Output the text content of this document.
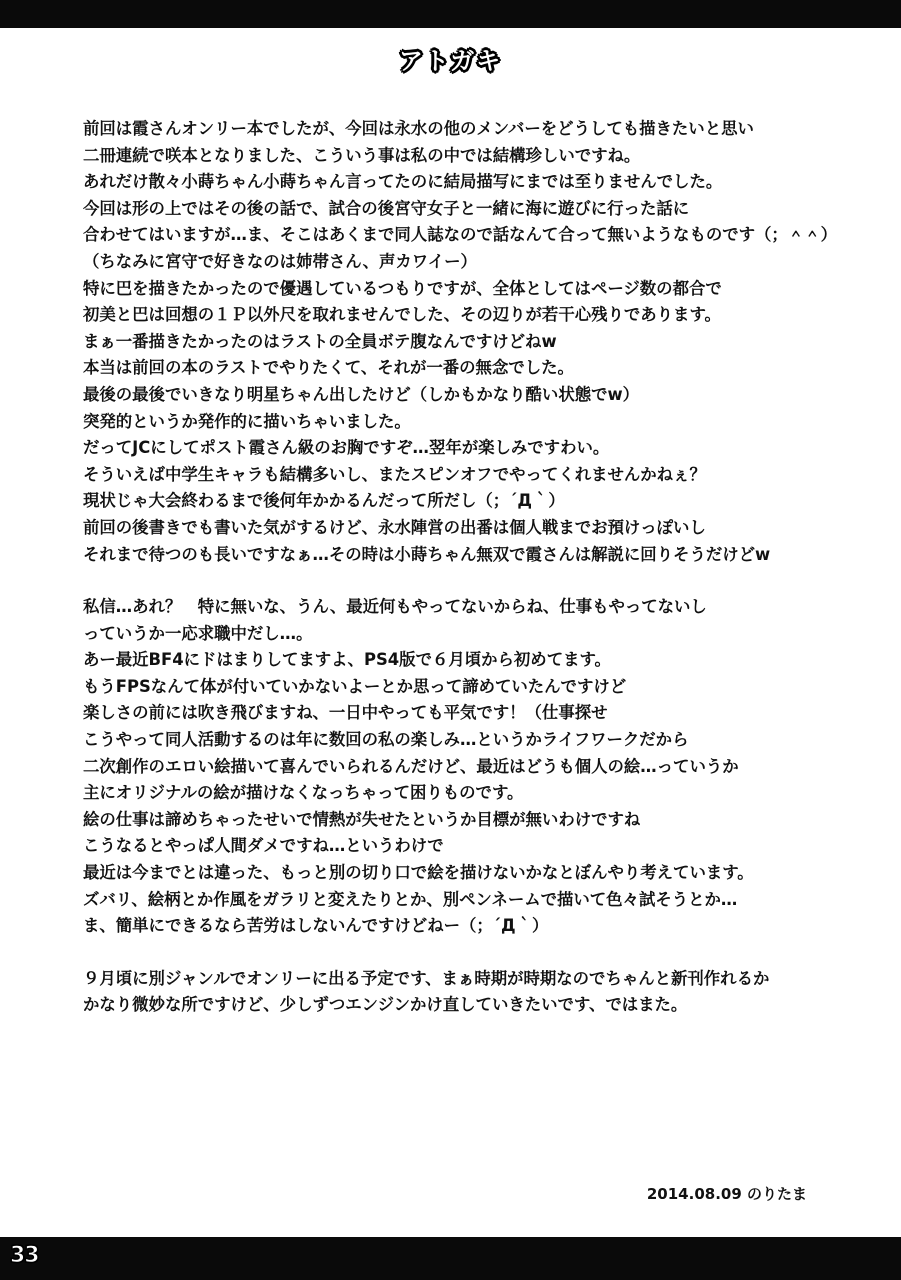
アトガキ
前回は霞さんオンリー本でしたが、今回は永水の他のメンバーをどうしても描きたいと思い
二冊連続で咲本となりました、こういう事は私の中では結構珍しいですね。
あれだけ散々小蒔ちゃん小蒔ちゃん言ってたのに結局描写にまでは至りませんでした。
今回は形の上ではその後の話で、試合の後宮守女子と一緒に海に遊びに行った話に
合わせてはいますが…ま、そこはあくまで同人誌なので話なんて合って無いようなものです（；＾＾）
（ちなみに宮守で好きなのは姉帯さん、声カワイー）
特に巴を描きたかったので優遇しているつもりですが、全体としてはページ数の都合で
初美と巴は回想の１Ｐ以外尺を取れませんでした、その辺りが若干心残りであります。
まぁ一番描きたかったのはラストの全員ボテ腹なんですけどねw
本当は前回の本のラストでやりたくて、それが一番の無念でした。
最後の最後でいきなり明星ちゃん出したけど（しかもかなり酷い状態でw）
突発的というか発作的に描いちゃいました。
だってJCにしてポスト霞さん級のお胸ですぞ…翌年が楽しみですわい。
そういえば中学生キャラも結構多いし、またスピンオフでやってくれませんかねぇ？
現状じゃ大会終わるまで後何年かかるんだって所だし（；´Д｀）
前回の後書きでも書いた気がするけど、永水陣営の出番は個人戦までお預けっぽいし
それまで待つのも長いですなぁ…その時は小蒔ちゃん無双で霞さんは解説に回りそうだけどw
私信…あれ？　特に無いな、うん、最近何もやってないからね、仕事もやってないし
っていうか一応求職中だし…。
あー最近BF4にドはまりしてますよ、PS4版で６月頃から初めてます。
もうFPSなんて体が付いていかないよーとか思って諦めていたんですけど
楽しさの前には吹き飛びますね、一日中やっても平気です！（仕事探せ
こうやって同人活動するのは年に数回の私の楽しみ…というかライフワークだから
二次創作のエロい絵描いて喜んでいられるんだけど、最近はどうも個人の絵…っていうか
主にオリジナルの絵が描けなくなっちゃって困りものです。
絵の仕事は諦めちゃったせいで情熱が失せたというか目標が無いわけですね
こうなるとやっぱ人間ダメですね…というわけで
最近は今までとは違った、もっと別の切り口で絵を描けないかなとぼんやり考えています。
ズバリ、絵柄とか作風をガラリと変えたりとか、別ペンネームで描いて色々試そうとか…
ま、簡単にできるなら苦労はしないんですけどねー（；´Д｀）
９月頃に別ジャンルでオンリーに出る予定です、まぁ時期が時期なのでちゃんと新刊作れるか
かなり微妙な所ですけど、少しずつエンジンかけ直していきたいです、ではまた。
2014.08.09 のりたま
33
